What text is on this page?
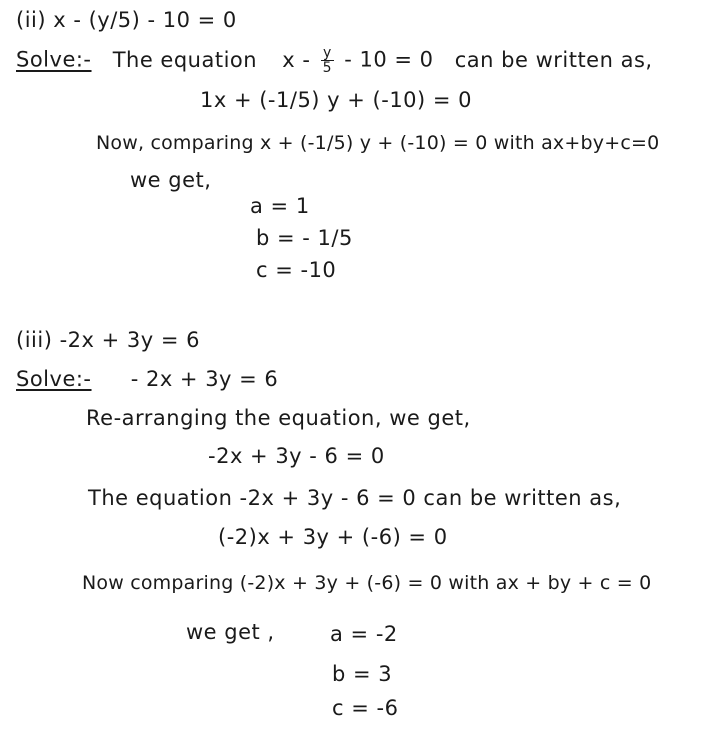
(ii) x - (y/5) - 10 = 0
Solve:- The equation $x - \frac{y}{5} - 10 = 0$ can be written as,
1x + (-1/5) y + (-10) = 0
Now, comparing x + (-1/5) y + (-10) = 0 with ax+by+c=0
we get,
a = 1
b = - 1/5
c = -10
(iii) -2x + 3y = 6
Solve:- - 2x + 3y = 6
Re-arranging the equation, we get,
-2x + 3y - 6 = 0
The equation -2x + 3y - 6 = 0 can be written as,
(-2)x + 3y + (-6) = 0
Now comparing (-2)x + 3y + (-6) = 0 with ax + by + c = 0
we get ,	a = -2
b = 3
c = -6
